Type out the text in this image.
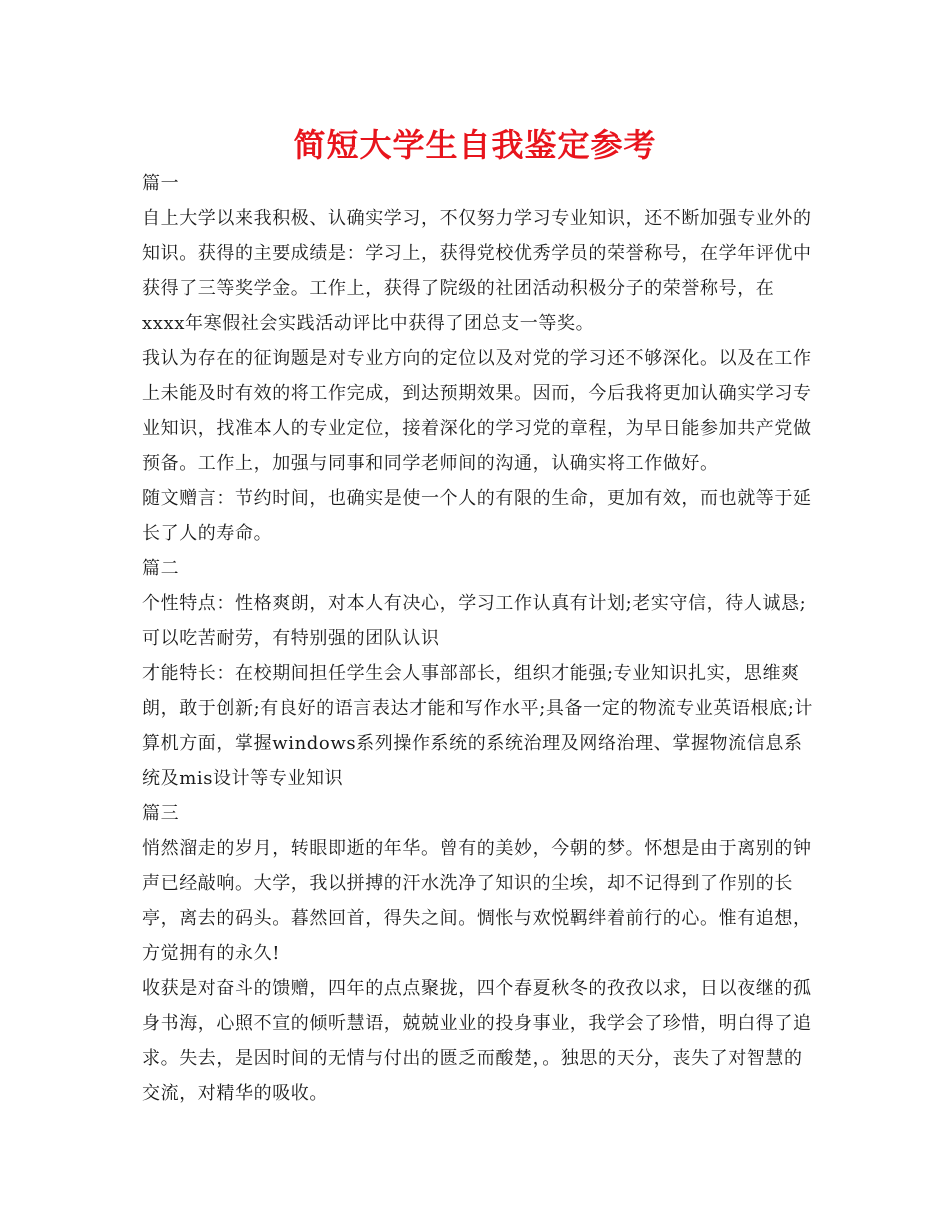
简短大学生自我鉴定参考

篇一

自上大学以来我积极、认确实学习，不仅努力学习专业知识，还不断加强专业外的知识。获得的主要成绩是：学习上，获得党校优秀学员的荣誉称号，在学年评优中获得了三等奖学金。工作上，获得了院级的社团活动积极分子的荣誉称号，在xxxx年寒假社会实践活动评比中获得了团总支一等奖。

我认为存在的征询题是对专业方向的定位以及对党的学习还不够深化。以及在工作上未能及时有效的将工作完成，到达预期效果。因而，今后我将更加认确实学习专业知识，找准本人的专业定位，接着深化的学习党的章程，为早日能参加共产党做预备。工作上，加强与同事和同学老师间的沟通，认确实将工作做好。

随文赠言：节约时间，也确实是使一个人的有限的生命，更加有效，而也就等于延长了人的寿命。

篇二

个性特点：性格爽朗，对本人有决心，学习工作认真有计划;老实守信，待人诚恳;可以吃苦耐劳，有特别强的团队认识

才能特长：在校期间担任学生会人事部部长，组织才能强;专业知识扎实，思维爽朗，敢于创新;有良好的语言表达才能和写作水平;具备一定的物流专业英语根底;计算机方面，掌握windows系列操作系统的系统治理及网络治理、掌握物流信息系统及mis设计等专业知识

篇三

悄然溜走的岁月，转眼即逝的年华。曾有的美妙，今朝的梦。怀想是由于离别的钟声已经敲响。大学，我以拼搏的汗水洗净了知识的尘埃，却不记得到了作别的长亭，离去的码头。暮然回首，得失之间。惆怅与欢悦羁绊着前行的心。惟有追想，方觉拥有的永久!

收获是对奋斗的馈赠，四年的点点聚拢，四个春夏秋冬的孜孜以求，日以夜继的孤身书海，心照不宣的倾听慧语，兢兢业业的投身事业，我学会了珍惜，明白得了追求。失去，是因时间的无情与付出的匮乏而酸楚，。独思的天分，丧失了对智慧的交流，对精华的吸收。
